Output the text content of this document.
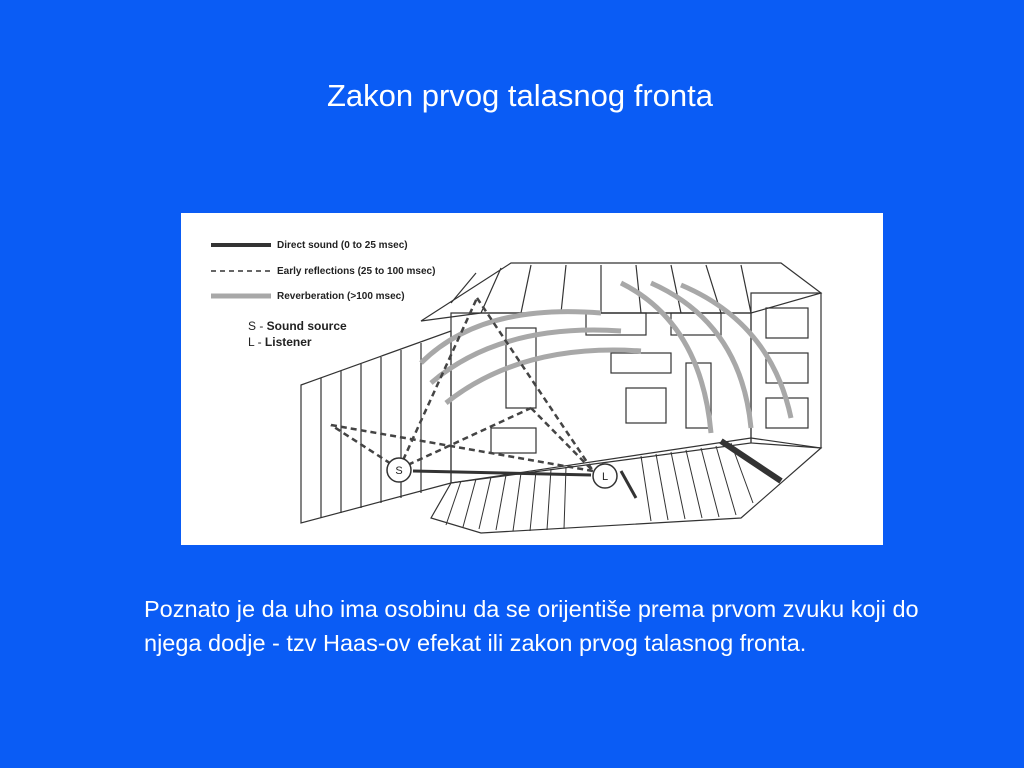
Zakon prvog talasnog fronta
Direct sound (0 to 25 msec)
Early reflections (25 to 100 msec)
Reverberation (>100 msec)
S - Sound source
L - Listener
S	L
Poznato je da uho ima osobinu da se orijentiše prema prvom zvuku koji do njega dodje - tzv Haas-ov efekat ili zakon prvog talasnog fronta.
